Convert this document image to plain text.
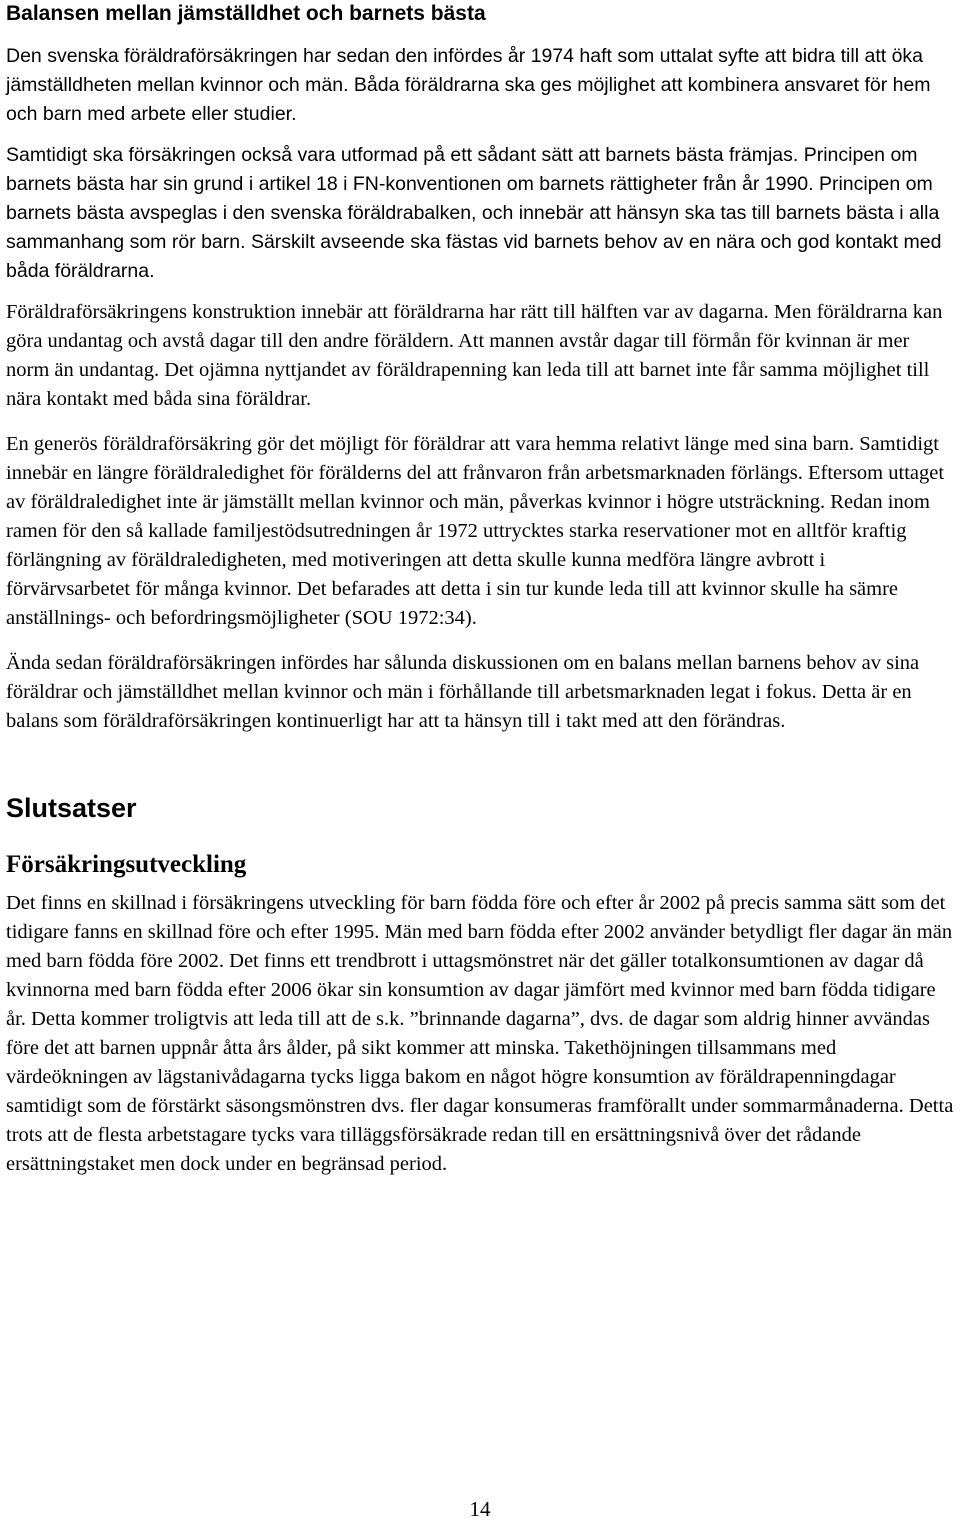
Balansen mellan jämställdhet och barnets bästa

Den svenska föräldraförsäkringen har sedan den infördes år 1974 haft som uttalat syfte att bidra till att öka jämställdheten mellan kvinnor och män. Båda föräldrarna ska ges möjlighet att kombinera ansvaret för hem och barn med arbete eller studier.

Samtidigt ska försäkringen också vara utformad på ett sådant sätt att barnets bästa främjas. Principen om barnets bästa har sin grund i artikel 18 i FN-konventionen om barnets rättigheter från år 1990. Principen om barnets bästa avspeglas i den svenska föräldrabalken, och innebär att hänsyn ska tas till barnets bästa i alla sammanhang som rör barn. Särskilt avseende ska fästas vid barnets behov av en nära och god kontakt med båda föräldrarna.

Föräldraförsäkringens konstruktion innebär att föräldrarna har rätt till hälften var av dagarna. Men föräldrarna kan göra undantag och avstå dagar till den andre föräldern. Att mannen avstår dagar till förmån för kvinnan är mer norm än undantag. Det ojämna nyttjandet av föräldrapenning kan leda till att barnet inte får samma möjlighet till nära kontakt med båda sina föräldrar.

En generös föräldraförsäkring gör det möjligt för föräldrar att vara hemma relativt länge med sina barn. Samtidigt innebär en längre föräldraledighet för förälderns del att frånvaron från arbetsmarknaden förlängs. Eftersom uttaget av föräldraledighet inte är jämställt mellan kvinnor och män, påverkas kvinnor i högre utsträckning. Redan inom ramen för den så kallade familjestödsutredningen år 1972 uttrycktes starka reservationer mot en alltför kraftig förlängning av föräldraledigheten, med motiveringen att detta skulle kunna medföra längre avbrott i förvärvsarbetet för många kvinnor. Det befarades att detta i sin tur kunde leda till att kvinnor skulle ha sämre anställnings- och befordringsmöjligheter (SOU 1972:34).

Ända sedan föräldraförsäkringen infördes har sålunda diskussionen om en balans mellan barnens behov av sina föräldrar och jämställdhet mellan kvinnor och män i förhållande till arbetsmarknaden legat i fokus. Detta är en balans som föräldraförsäkringen kontinuerligt har att ta hänsyn till i takt med att den förändras.

Slutsatser
Försäkringsutveckling

Det finns en skillnad i försäkringens utveckling för barn födda före och efter år 2002 på precis samma sätt som det tidigare fanns en skillnad före och efter 1995. Män med barn födda efter 2002 använder betydligt fler dagar än män med barn födda före 2002. Det finns ett trendbrott i uttagsmönstret när det gäller totalkonsumtionen av dagar då kvinnorna med barn födda efter 2006 ökar sin konsumtion av dagar jämfört med kvinnor med barn födda tidigare år. Detta kommer troligtvis att leda till att de s.k. ”brinnande dagarna”, dvs. de dagar som aldrig hinner avvändas före det att barnen uppnår åtta års ålder, på sikt kommer att minska. Takethöjningen tillsammans med värdeökningen av lägstanivådagarna tycks ligga bakom en något högre konsumtion av föräldrapenningdagar samtidigt som de förstärkt säsongsmönstren dvs. fler dagar konsumeras framförallt under sommarmånaderna. Detta trots att de flesta arbetstagare tycks vara tilläggsförsäkrade redan till en ersättningsnivå över det rådande ersättningstaket men dock under en begränsad period.

14
